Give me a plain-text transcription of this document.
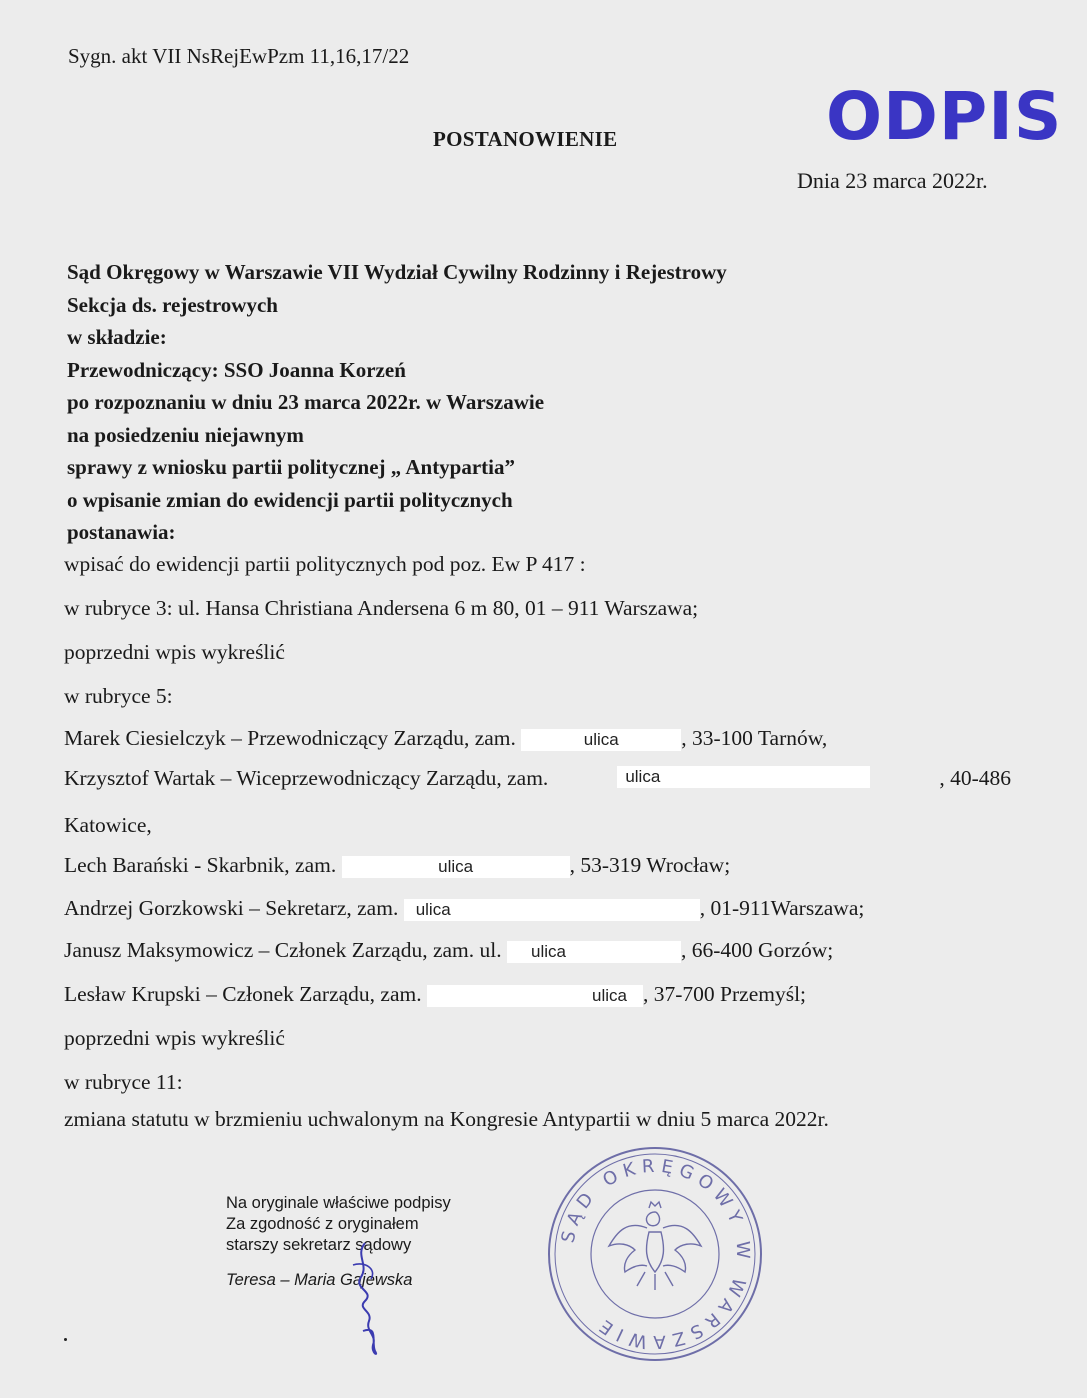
Sygn. akt VII NsRejEwPzm 11,16,17/22
ODPIS
POSTANOWIENIE
Dnia 23 marca 2022r.
Sąd Okręgowy w Warszawie VII Wydział Cywilny Rodzinny i Rejestrowy
Sekcja ds. rejestrowych
w składzie:
Przewodniczący: SSO Joanna Korzeń
po rozpoznaniu w dniu 23 marca 2022r. w Warszawie
na posiedzeniu niejawnym
sprawy z wniosku partii politycznej „ Antypartia”
o wpisanie zmian do ewidencji partii politycznych
postanawia:
wpisać do ewidencji partii politycznych pod poz. Ew P 417 :
w rubryce 3: ul. Hansa Christiana Andersena 6 m 80, 01 – 911 Warszawa;
poprzedni wpis wykreślić
w rubryce 5:
Marek Ciesielczyk – Przewodniczący Zarządu, zam.	ulica	, 33-100 Tarnów,
Krzysztof Wartak – Wiceprzewodniczący Zarządu, zam.	ulica	, 40-486
Katowice,
Lech Barański - Skarbnik, zam.	ulica	, 53-319 Wrocław;
Andrzej Gorzkowski – Sekretarz, zam. ulica	, 01-911Warszawa;
Janusz Maksymowicz – Członek Zarządu, zam. ul. ulica	, 66-400 Gorzów;
Lesław Krupski – Członek Zarządu, zam.	ulica , 37-700 Przemyśl;
poprzedni wpis wykreślić
w rubryce 11:
zmiana statutu w brzmieniu uchwalonym na Kongresie Antypartii w dniu 5 marca 2022r.
Na oryginale właściwe podpisy
Za zgodność z oryginałem
starszy sekretarz sądowy
Teresa – Maria Gajewska
SĄD OKRĘGOWY W WARSZAWIE
